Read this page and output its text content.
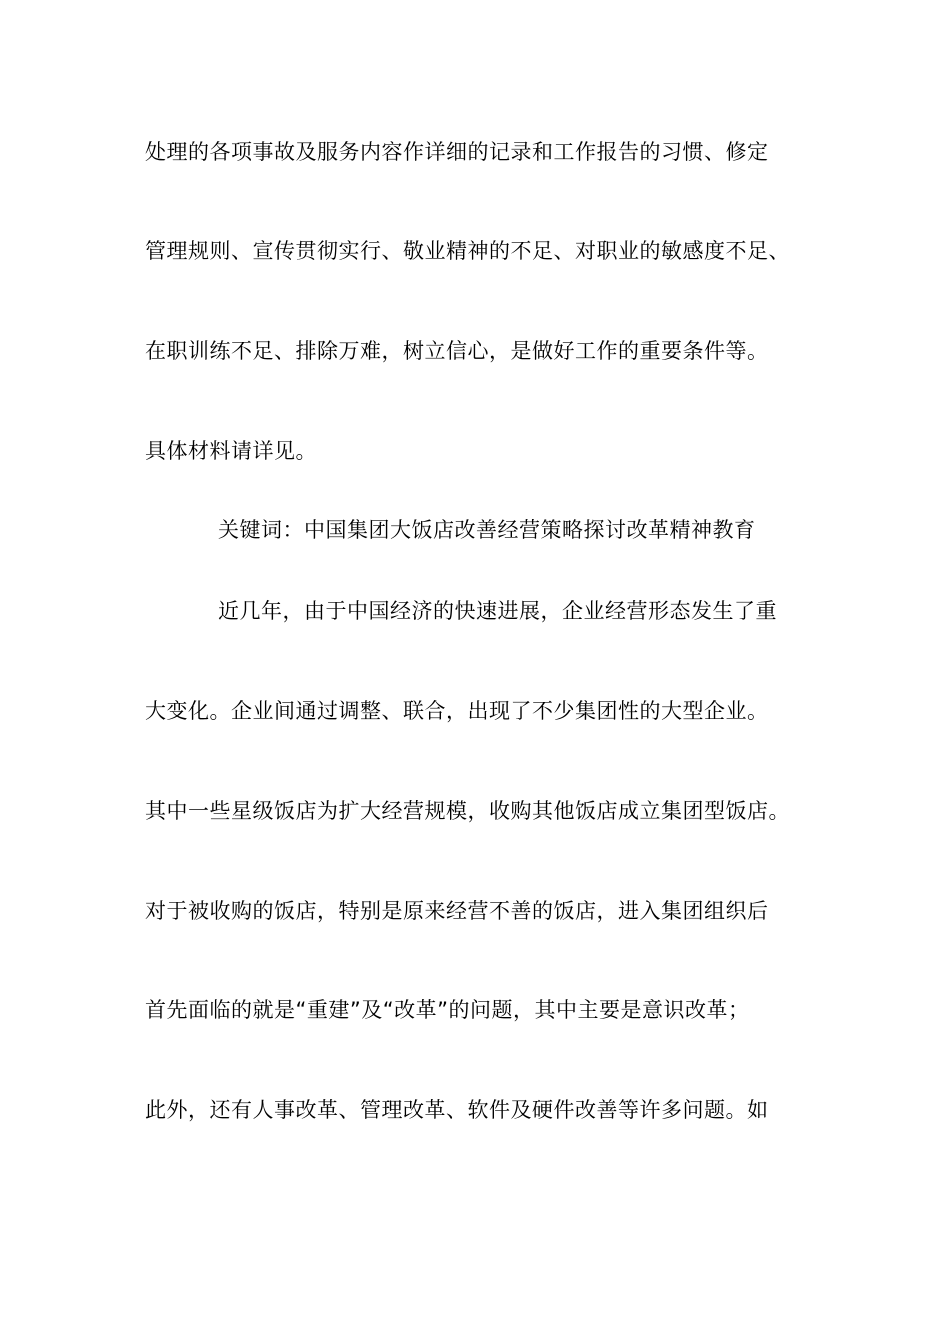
处理的各项事故及服务内容作详细的记录和工作报告的习惯、修定
管理规则、宣传贯彻实行、敬业精神的不足、对职业的敏感度不足、
在职训练不足、排除万难，树立信心，是做好工作的重要条件等。
具体材料请详见。
关键词：中国集团大饭店改善经营策略探讨改革精神教育
近几年，由于中国经济的快速进展，企业经营形态发生了重
大变化。企业间通过调整、联合，出现了不少集团性的大型企业。
其中一些星级饭店为扩大经营规模，收购其他饭店成立集团型饭店。
对于被收购的饭店，特别是原来经营不善的饭店，进入集团组织后
首先面临的就是“重建”及“改革”的问题，其中主要是意识改革；
此外，还有人事改革、管理改革、软件及硬件改善等许多问题。如
